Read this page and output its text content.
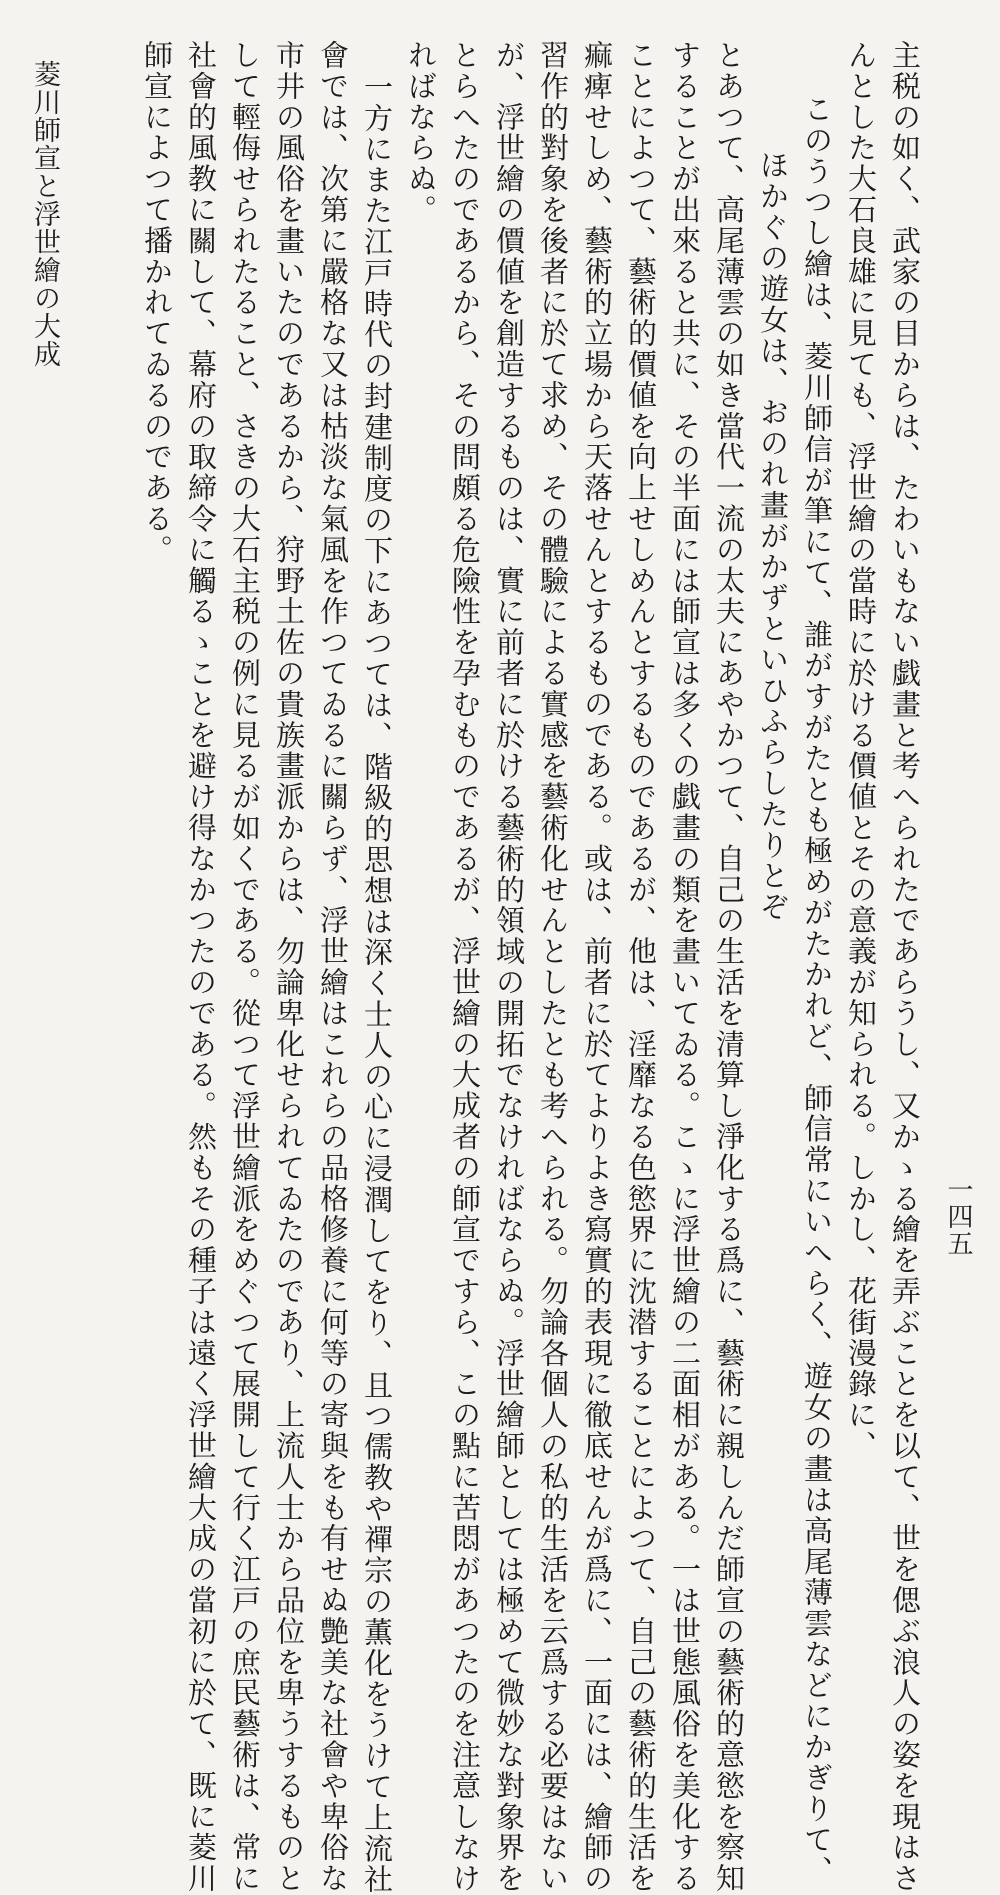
主税の如く、武家の目からは、たわいもない戯畫と考へられたであらうし、又かゝる繪を弄ぶことを以て、世を偲ぶ浪人の姿を現はさ
んとした大石良雄に見ても、浮世繪の當時に於ける價値とその意義が知られる。しかし、花街漫錄に、
このうつし繪は、菱川師信が筆にて、誰がすがたとも極めがたかれど、師信常にいへらく、遊女の畫は高尾薄雲などにかぎりて、
ほかぐの遊女は、おのれ畫がかずといひふらしたりとぞ
とあつて、高尾薄雲の如き當代一流の太夫にあやかつて、自己の生活を清算し淨化する爲に、藝術に親しんだ師宣の藝術的意慾を察知
することが出來ると共に、その半面には師宣は多くの戯畫の類を畫いてゐる。こゝに浮世繪の二面相がある。一は世態風俗を美化する
ことによつて、藝術的價値を向上せしめんとするものであるが、他は、淫靡なる色慾界に沈潜することによつて、自己の藝術的生活を
痲痺せしめ、藝術的立場から天落せんとするものである。或は、前者に於てよりよき寫實的表現に徹底せんが爲に、一面には、繪師の
習作的對象を後者に於て求め、その體驗による實感を藝術化せんとしたとも考へられる。勿論各個人の私的生活を云爲する必要はない
が、浮世繪の價値を創造するものは、實に前者に於ける藝術的領域の開拓でなければならぬ。浮世繪師としては極めて微妙な對象界を
とらへたのであるから、その問頗る危險性を孕むものであるが、浮世繪の大成者の師宣ですら、この點に苦悶があつたのを注意しなけ
ればならぬ。
一方にまた江戸時代の封建制度の下にあつては、階級的思想は深く士人の心に浸潤してをり、且つ儒教や禪宗の薫化をうけて上流社
會では、次第に嚴格な又は枯淡な氣風を作つてゐるに關らず、浮世繪はこれらの品格修養に何等の寄與をも有せぬ艶美な社會や卑俗な
市井の風俗を畫いたのであるから、狩野土佐の貴族畫派からは、勿論卑化せられてゐたのであり、上流人士から品位を卑うするものと
して輕侮せられたること、さきの大石主税の例に見るが如くである。從つて浮世繪派をめぐつて展開して行く江戸の庶民藝術は、常に
社會的風教に關して、幕府の取締令に觸るゝことを避け得なかつたのである。然もその種子は遠く浮世繪大成の當初に於て、既に菱川
師宣によつて播かれてゐるのである。
菱川師宣と浮世繪の大成
一四五
